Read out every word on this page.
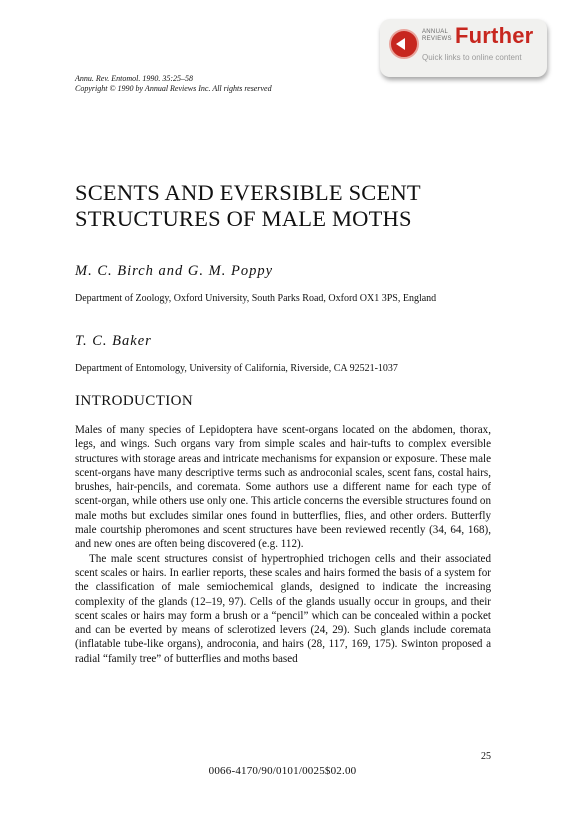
ANNUAL
REVIEWS Further
Quick links to online content
Annu. Rev. Entomol. 1990. 35:25–58
Copyright © 1990 by Annual Reviews Inc. All rights reserved
SCENTS AND EVERSIBLE SCENT
STRUCTURES OF MALE MOTHS
M. C. Birch and G. M. Poppy
Department of Zoology, Oxford University, South Parks Road, Oxford OX1 3PS, England
T. C. Baker
Department of Entomology, University of California, Riverside, CA 92521-1037
INTRODUCTION

Males of many species of Lepidoptera have scent-organs located on the abdomen, thorax, legs, and wings. Such organs vary from simple scales and hair-tufts to complex eversible structures with storage areas and intricate mechanisms for expansion or exposure. These male scent-organs have many descriptive terms such as androconial scales, scent fans, costal hairs, brushes, hair-pencils, and coremata. Some authors use a different name for each type of scent-organ, while others use only one. This article concerns the eversible structures found on male moths but excludes similar ones found in butterflies, flies, and other orders. Butterfly male courtship pheromones and scent structures have been reviewed recently (34, 64, 168), and new ones are often being discovered (e.g. 112).

The male scent structures consist of hypertrophied trichogen cells and their associated scent scales or hairs. In earlier reports, these scales and hairs formed the basis of a system for the classification of male semiochemical glands, designed to indicate the increasing complexity of the glands (12–19, 97). Cells of the glands usually occur in groups, and their scent scales or hairs may form a brush or a “pencil” which can be concealed within a pocket and can be everted by means of sclerotized levers (24, 29). Such glands include coremata (inflatable tube-like organs), androconia, and hairs (28, 117, 169, 175). Swinton proposed a radial “family tree” of butterflies and moths based

25
0066-4170/90/0101/0025$02.00
